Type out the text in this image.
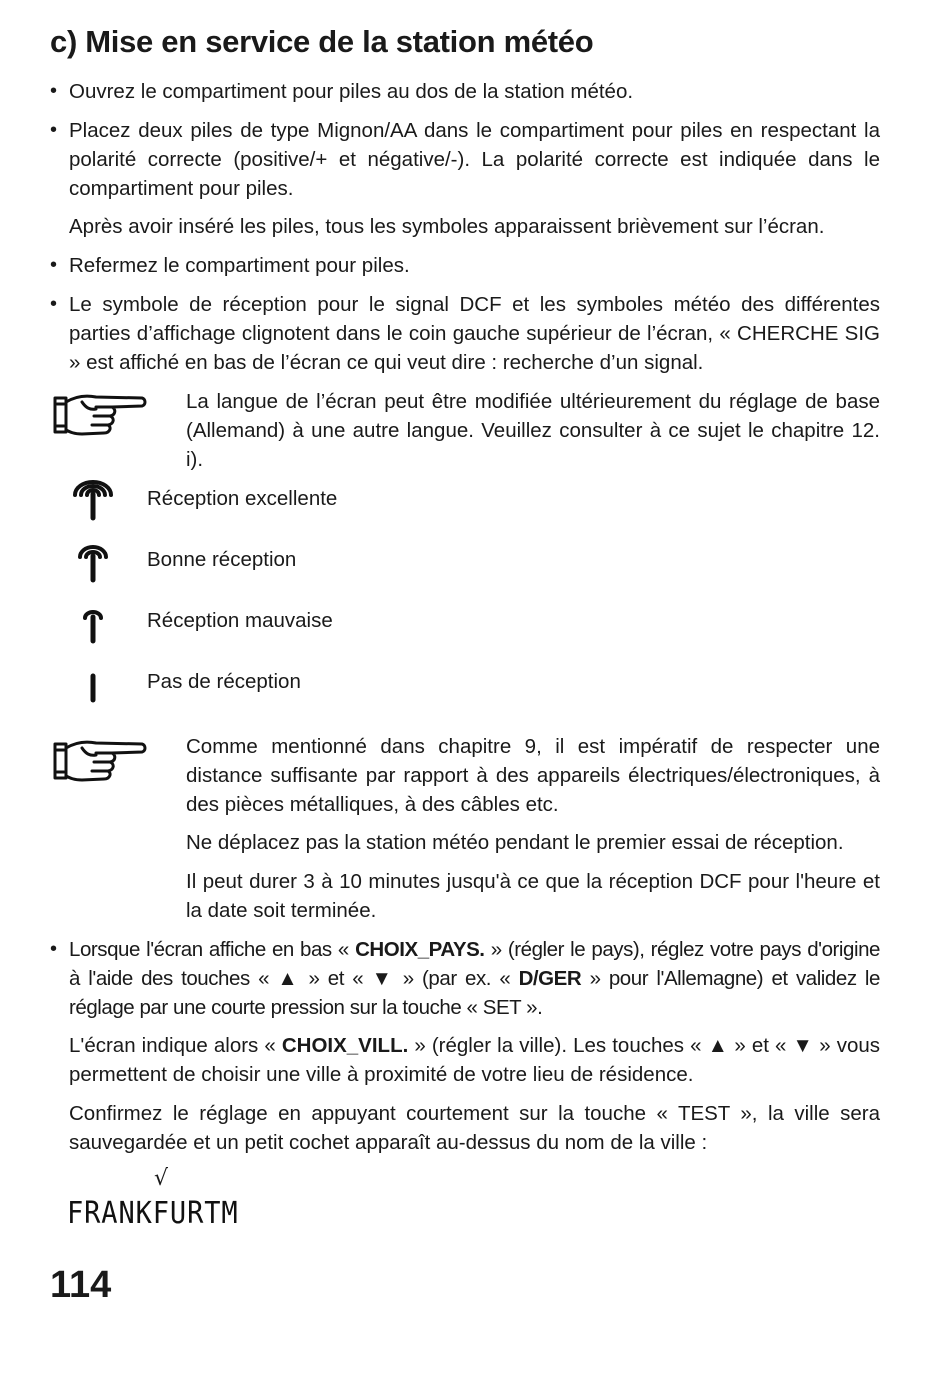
c) Mise en service de la station météo
• Ouvrez le compartiment pour piles au dos de la station météo.

• Placez deux piles de type Mignon/AA dans le compartiment pour piles en respectant la polarité correcte (positive/+ et négative/-). La polarité correcte est indiquée dans le compartiment pour piles.

Après avoir inséré les piles, tous les symboles apparaissent brièvement sur l’écran.

• Refermez le compartiment pour piles.

• Le symbole de réception pour le signal DCF et les symboles météo des différentes parties d’affichage clignotent dans le coin gauche supérieur de l’écran, « CHERCHE SIG » est affiché en bas de l’écran ce qui veut dire : recherche d’un signal.

La langue de l’écran peut être modifiée ultérieurement du réglage de base (Allemand) à une autre langue. Veuillez consulter à ce sujet le chapitre 12. i).

Réception excellente
Bonne réception
Réception mauvaise
Pas de réception

Comme mentionné dans chapitre 9, il est impératif de respecter une distance suffisante par rapport à des appareils électriques/électroniques, à des pièces métalliques, à des câbles etc.

Ne déplacez pas la station météo pendant le premier essai de réception.

Il peut durer 3 à 10 minutes jusqu'à ce que la réception DCF pour l'heure et la date soit terminée.

• Lorsque l'écran affiche en bas « CHOIX_PAYS. » (régler le pays), réglez votre pays d'origine à l'aide des touches « ▲ » et « ▼ » (par ex. « D/GER » pour l'Allemagne) et validez le réglage par une courte pression sur la touche « SET ».

L'écran indique alors « CHOIX_VILL. » (régler la ville). Les touches « ▲ » et « ▼ » vous permettent de choisir une ville à proximité de votre lieu de résidence.

Confirmez le réglage en appuyant courtement sur la touche « TEST », la ville sera sauvegardée et un petit cochet apparaît au-dessus du nom de la ville :

√
FRANKFURTM
114
